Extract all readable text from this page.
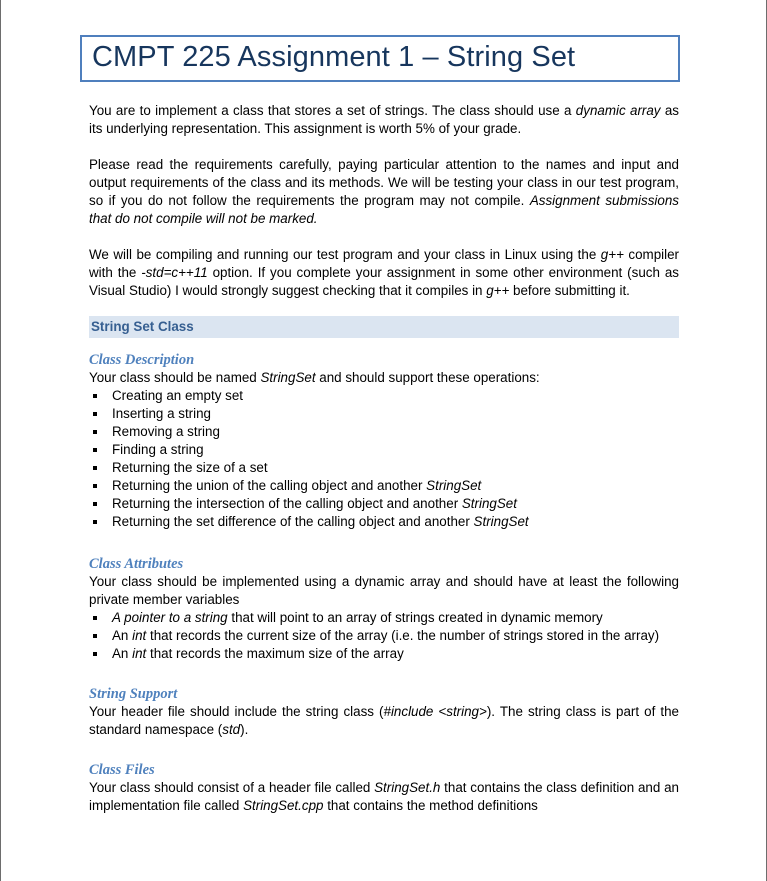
CMPT 225 Assignment 1 – String Set

You are to implement a class that stores a set of strings. The class should use a dynamic array as its underlying representation. This assignment is worth 5% of your grade.

Please read the requirements carefully, paying particular attention to the names and input and output requirements of the class and its methods. We will be testing your class in our test program, so if you do not follow the requirements the program may not compile. Assignment submissions that do not compile will not be marked.

We will be compiling and running our test program and your class in Linux using the g++ compiler with the -std=c++11 option. If you complete your assignment in some other environment (such as Visual Studio) I would strongly suggest checking that it compiles in g++ before submitting it.

String Set Class

Class Description

Your class should be named StringSet and should support these operations:

Creating an empty set
Inserting a string
Removing a string
Finding a string
Returning the size of a set
Returning the union of the calling object and another StringSet
Returning the intersection of the calling object and another StringSet
Returning the set difference of the calling object and another StringSet

Class Attributes

Your class should be implemented using a dynamic array and should have at least the following private member variables

A pointer to a string that will point to an array of strings created in dynamic memory
An int that records the current size of the array (i.e. the number of strings stored in the array)
An int that records the maximum size of the array

String Support

Your header file should include the string class (#include <string>). The string class is part of the standard namespace (std).

Class Files

Your class should consist of a header file called StringSet.h that contains the class definition and an implementation file called StringSet.cpp that contains the method definitions
